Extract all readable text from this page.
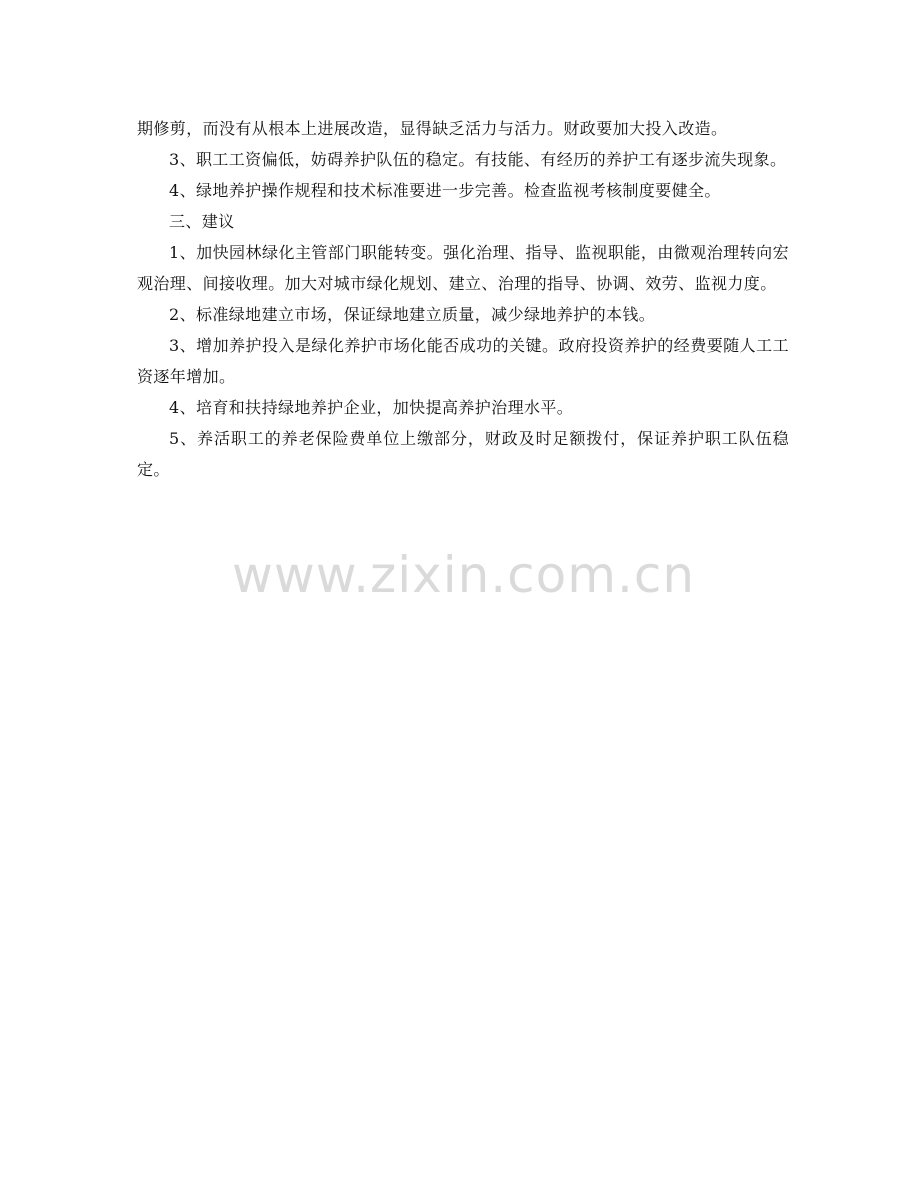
期修剪，而没有从根本上进展改造，显得缺乏活力与活力。财政要加大投入改造。

3、职工工资偏低，妨碍养护队伍的稳定。有技能、有经历的养护工有逐步流失现象。

4、绿地养护操作规程和技术标准要进一步完善。检查监视考核制度要健全。

三、建议

1、加快园林绿化主管部门职能转变。强化治理、指导、监视职能，由微观治理转向宏观治理、间接收理。加大对城市绿化规划、建立、治理的指导、协调、效劳、监视力度。

2、标准绿地建立市场，保证绿地建立质量，减少绿地养护的本钱。

3、增加养护投入是绿化养护市场化能否成功的关键。政府投资养护的经费要随人工工资逐年增加。

4、培育和扶持绿地养护企业，加快提高养护治理水平。

5、养活职工的养老保险费单位上缴部分，财政及时足额拨付，保证养护职工队伍稳定。

www.zixin.com.cn
